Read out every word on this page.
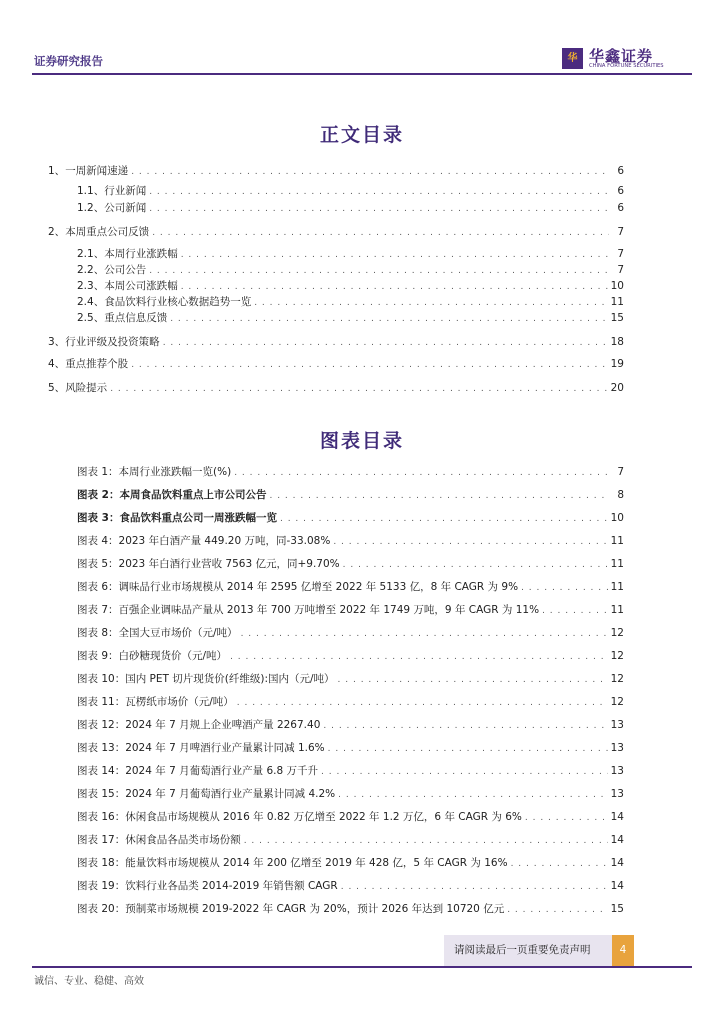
证券研究报告	华 华鑫证券
CHINA FORTUNE SECURITIES
正文目录
1、 一周新闻速递 . . .	6
1.1、 行业新闻 . . .	6
1.2、 公司新闻 . . .	6
2、 本周重点公司反馈 . . .	7
2.1、 本周行业涨跌幅 . . .	7
2.2、 公司公告 . . .	7
2.3、 本周公司涨跌幅 . . .	10
2.4、 食品饮料行业核心数据趋势一览 . . .	11
2.5、 重点信息反馈 . . .	15
3、 行业评级及投资策略 . . .	18
4、 重点推荐个股 . . .	19
5、 风险提示 . . .	20
图表目录
图表 1：本周行业涨跌幅一览(%) . . .	7
图表 2：本周食品饮料重点上市公司公告 . . .	8
图表 3：食品饮料重点公司一周涨跌幅一览 . . .	10
图表 4：2023 年白酒产量 449.20 万吨，同-33.08% . . .	11
图表 5：2023 年白酒行业营收 7563 亿元，同+9.70% . . .	11
图表 6：调味品行业市场规模从 2014 年 2595 亿增至 2022 年 5133 亿，8 年 CAGR 为 9% . . .	11
图表 7：百强企业调味品产量从 2013 年 700 万吨增至 2022 年 1749 万吨，9 年 CAGR 为 11% . . .	11
图表 8：全国大豆市场价（元/吨） . . .	12
图表 9：白砂糖现货价（元/吨） . . .	12
图表 10：国内 PET 切片现货价(纤维级):国内（元/吨） . . .	12
图表 11：瓦楞纸市场价（元/吨） . . .	12
图表 12：2024 年 7 月规上企业啤酒产量 2267.40 . . .	13
图表 13：2024 年 7 月啤酒行业产量累计同减 1.6% . . .	13
图表 14：2024 年 7 月葡萄酒行业产量 6.8 万千升 . . .	13
图表 15：2024 年 7 月葡萄酒行业产量累计同减 4.2% . . .	13
图表 16：休闲食品市场规模从 2016 年 0.82 万亿增至 2022 年 1.2 万亿，6 年 CAGR 为 6% . . .	14
图表 17：休闲食品各品类市场份额 . . .	14
图表 18：能量饮料市场规模从 2014 年 200 亿增至 2019 年 428 亿，5 年 CAGR 为 16% . . .	14
图表 19：饮料行业各品类 2014-2019 年销售额 CAGR . . .	14
图表 20：预制菜市场规模 2019-2022 年 CAGR 为 20%，预计 2026 年达到 10720 亿元 . . .	15
请阅读最后一页重要免责声明	4
诚信、专业、稳健、高效
